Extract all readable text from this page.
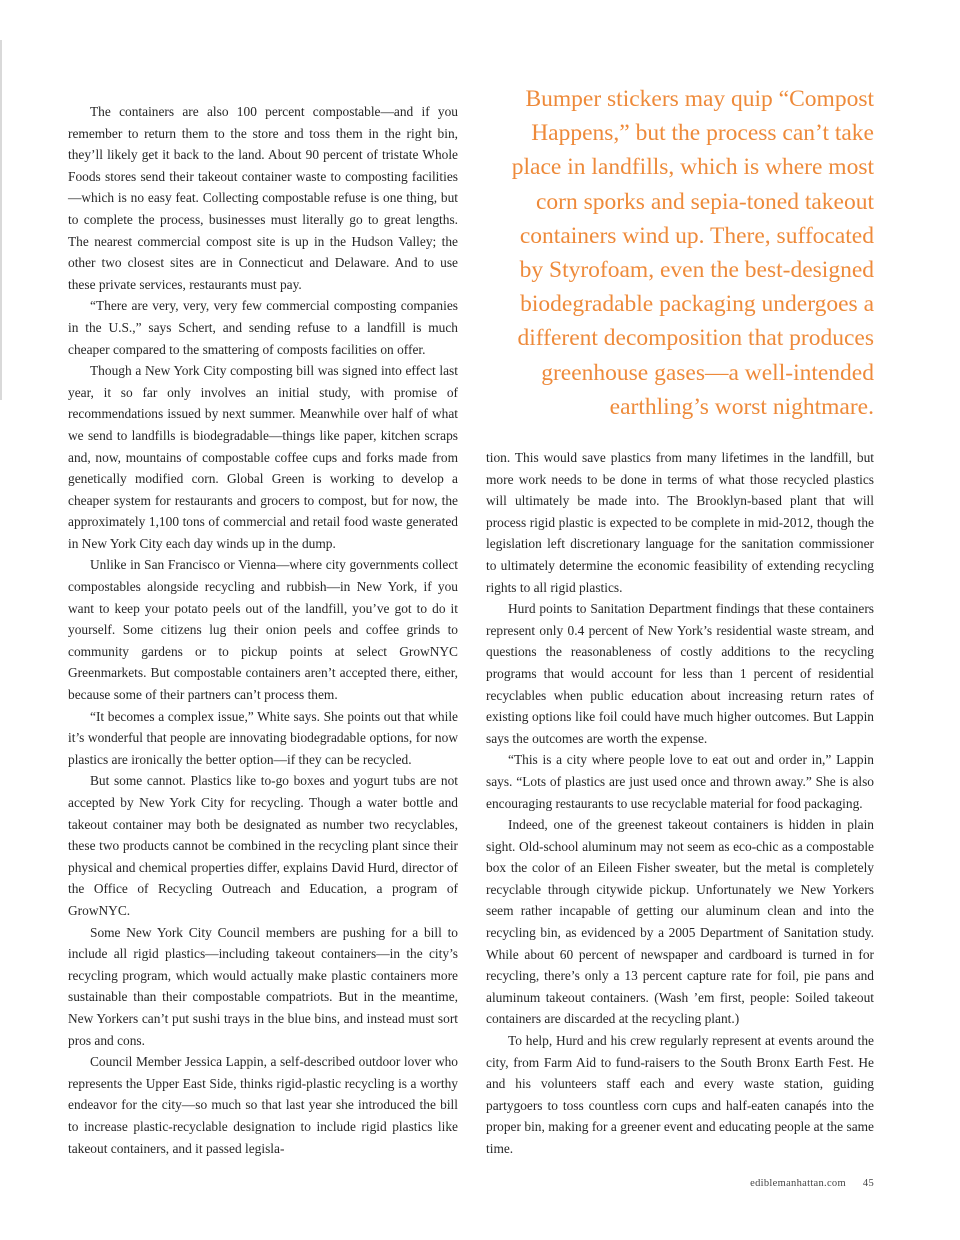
The containers are also 100 percent compostable—and if you remember to return them to the store and toss them in the right bin, they’ll likely get it back to the land. About 90 percent of tristate Whole Foods stores send their takeout container waste to composting facilities—which is no easy feat. Collecting compostable refuse is one thing, but to complete the process, businesses must literally go to great lengths. The nearest commercial compost site is up in the Hudson Valley; the other two closest sites are in Connecticut and Delaware. And to use these private services, restaurants must pay.

“There are very, very, very few commercial composting companies in the U.S.,” says Schert, and sending refuse to a landfill is much cheaper compared to the smattering of composts facilities on offer.

Though a New York City composting bill was signed into effect last year, it so far only involves an initial study, with promise of recommendations issued by next summer. Meanwhile over half of what we send to landfills is biodegradable—things like paper, kitchen scraps and, now, mountains of compostable coffee cups and forks made from genetically modified corn. Global Green is working to develop a cheaper system for restaurants and grocers to compost, but for now, the approximately 1,100 tons of commercial and retail food waste generated in New York City each day winds up in the dump.

Unlike in San Francisco or Vienna—where city governments collect compostables alongside recycling and rubbish—in New York, if you want to keep your potato peels out of the landfill, you’ve got to do it yourself. Some citizens lug their onion peels and coffee grinds to community gardens or to pickup points at select GrowNYC Greenmarkets. But compostable containers aren’t accepted there, either, because some of their partners can’t process them.

“It becomes a complex issue,” White says. She points out that while it’s wonderful that people are innovating biodegradable options, for now plastics are ironically the better option—if they can be recycled.

But some cannot. Plastics like to-go boxes and yogurt tubs are not accepted by New York City for recycling. Though a water bottle and takeout container may both be designated as number two recyclables, these two products cannot be combined in the recycling plant since their physical and chemical properties differ, explains David Hurd, director of the Office of Recycling Outreach and Education, a program of GrowNYC.

Some New York City Council members are pushing for a bill to include all rigid plastics—including takeout containers—in the city’s recycling program, which would actually make plastic containers more sustainable than their compostable compatriots. But in the meantime, New Yorkers can’t put sushi trays in the blue bins, and instead must sort pros and cons.

Council Member Jessica Lappin, a self-described outdoor lover who represents the Upper East Side, thinks rigid-plastic recycling is a worthy endeavor for the city—so much so that last year she introduced the bill to increase plastic-recyclable designation to include rigid plastics like takeout containers, and it passed legisla-

Bumper stickers may quip “Compost Happens,” but the process can’t take place in landfills, which is where most corn sporks and sepia-toned takeout containers wind up. There, suffocated by Styrofoam, even the best-designed biodegradable packaging undergoes a different decomposition that produces greenhouse gases—a well-intended earthling’s worst nightmare.

tion. This would save plastics from many lifetimes in the landfill, but more work needs to be done in terms of what those recycled plastics will ultimately be made into. The Brooklyn-based plant that will process rigid plastic is expected to be complete in mid-2012, though the legislation left discretionary language for the sanitation commissioner to ultimately determine the economic feasibility of extending recycling rights to all rigid plastics.

Hurd points to Sanitation Department findings that these containers represent only 0.4 percent of New York’s residential waste stream, and questions the reasonableness of costly additions to the recycling programs that would account for less than 1 percent of residential recyclables when public education about increasing return rates of existing options like foil could have much higher outcomes. But Lappin says the outcomes are worth the expense.

“This is a city where people love to eat out and order in,” Lappin says. “Lots of plastics are just used once and thrown away.” She is also encouraging restaurants to use recyclable material for food packaging.

Indeed, one of the greenest takeout containers is hidden in plain sight. Old-school aluminum may not seem as eco-chic as a compostable box the color of an Eileen Fisher sweater, but the metal is completely recyclable through citywide pickup. Unfortunately we New Yorkers seem rather incapable of getting our aluminum clean and into the recycling bin, as evidenced by a 2005 Department of Sanitation study. While about 60 percent of newspaper and cardboard is turned in for recycling, there’s only a 13 percent capture rate for foil, pie pans and aluminum takeout containers. (Wash ’em first, people: Soiled takeout containers are discarded at the recycling plant.)

To help, Hurd and his crew regularly represent at events around the city, from Farm Aid to fund-raisers to the South Bronx Earth Fest. He and his volunteers staff each and every waste station, guiding partygoers to toss countless corn cups and half-eaten canapés into the proper bin, making for a greener event and educating people at the same time.

ediblemanhattan.com 45
